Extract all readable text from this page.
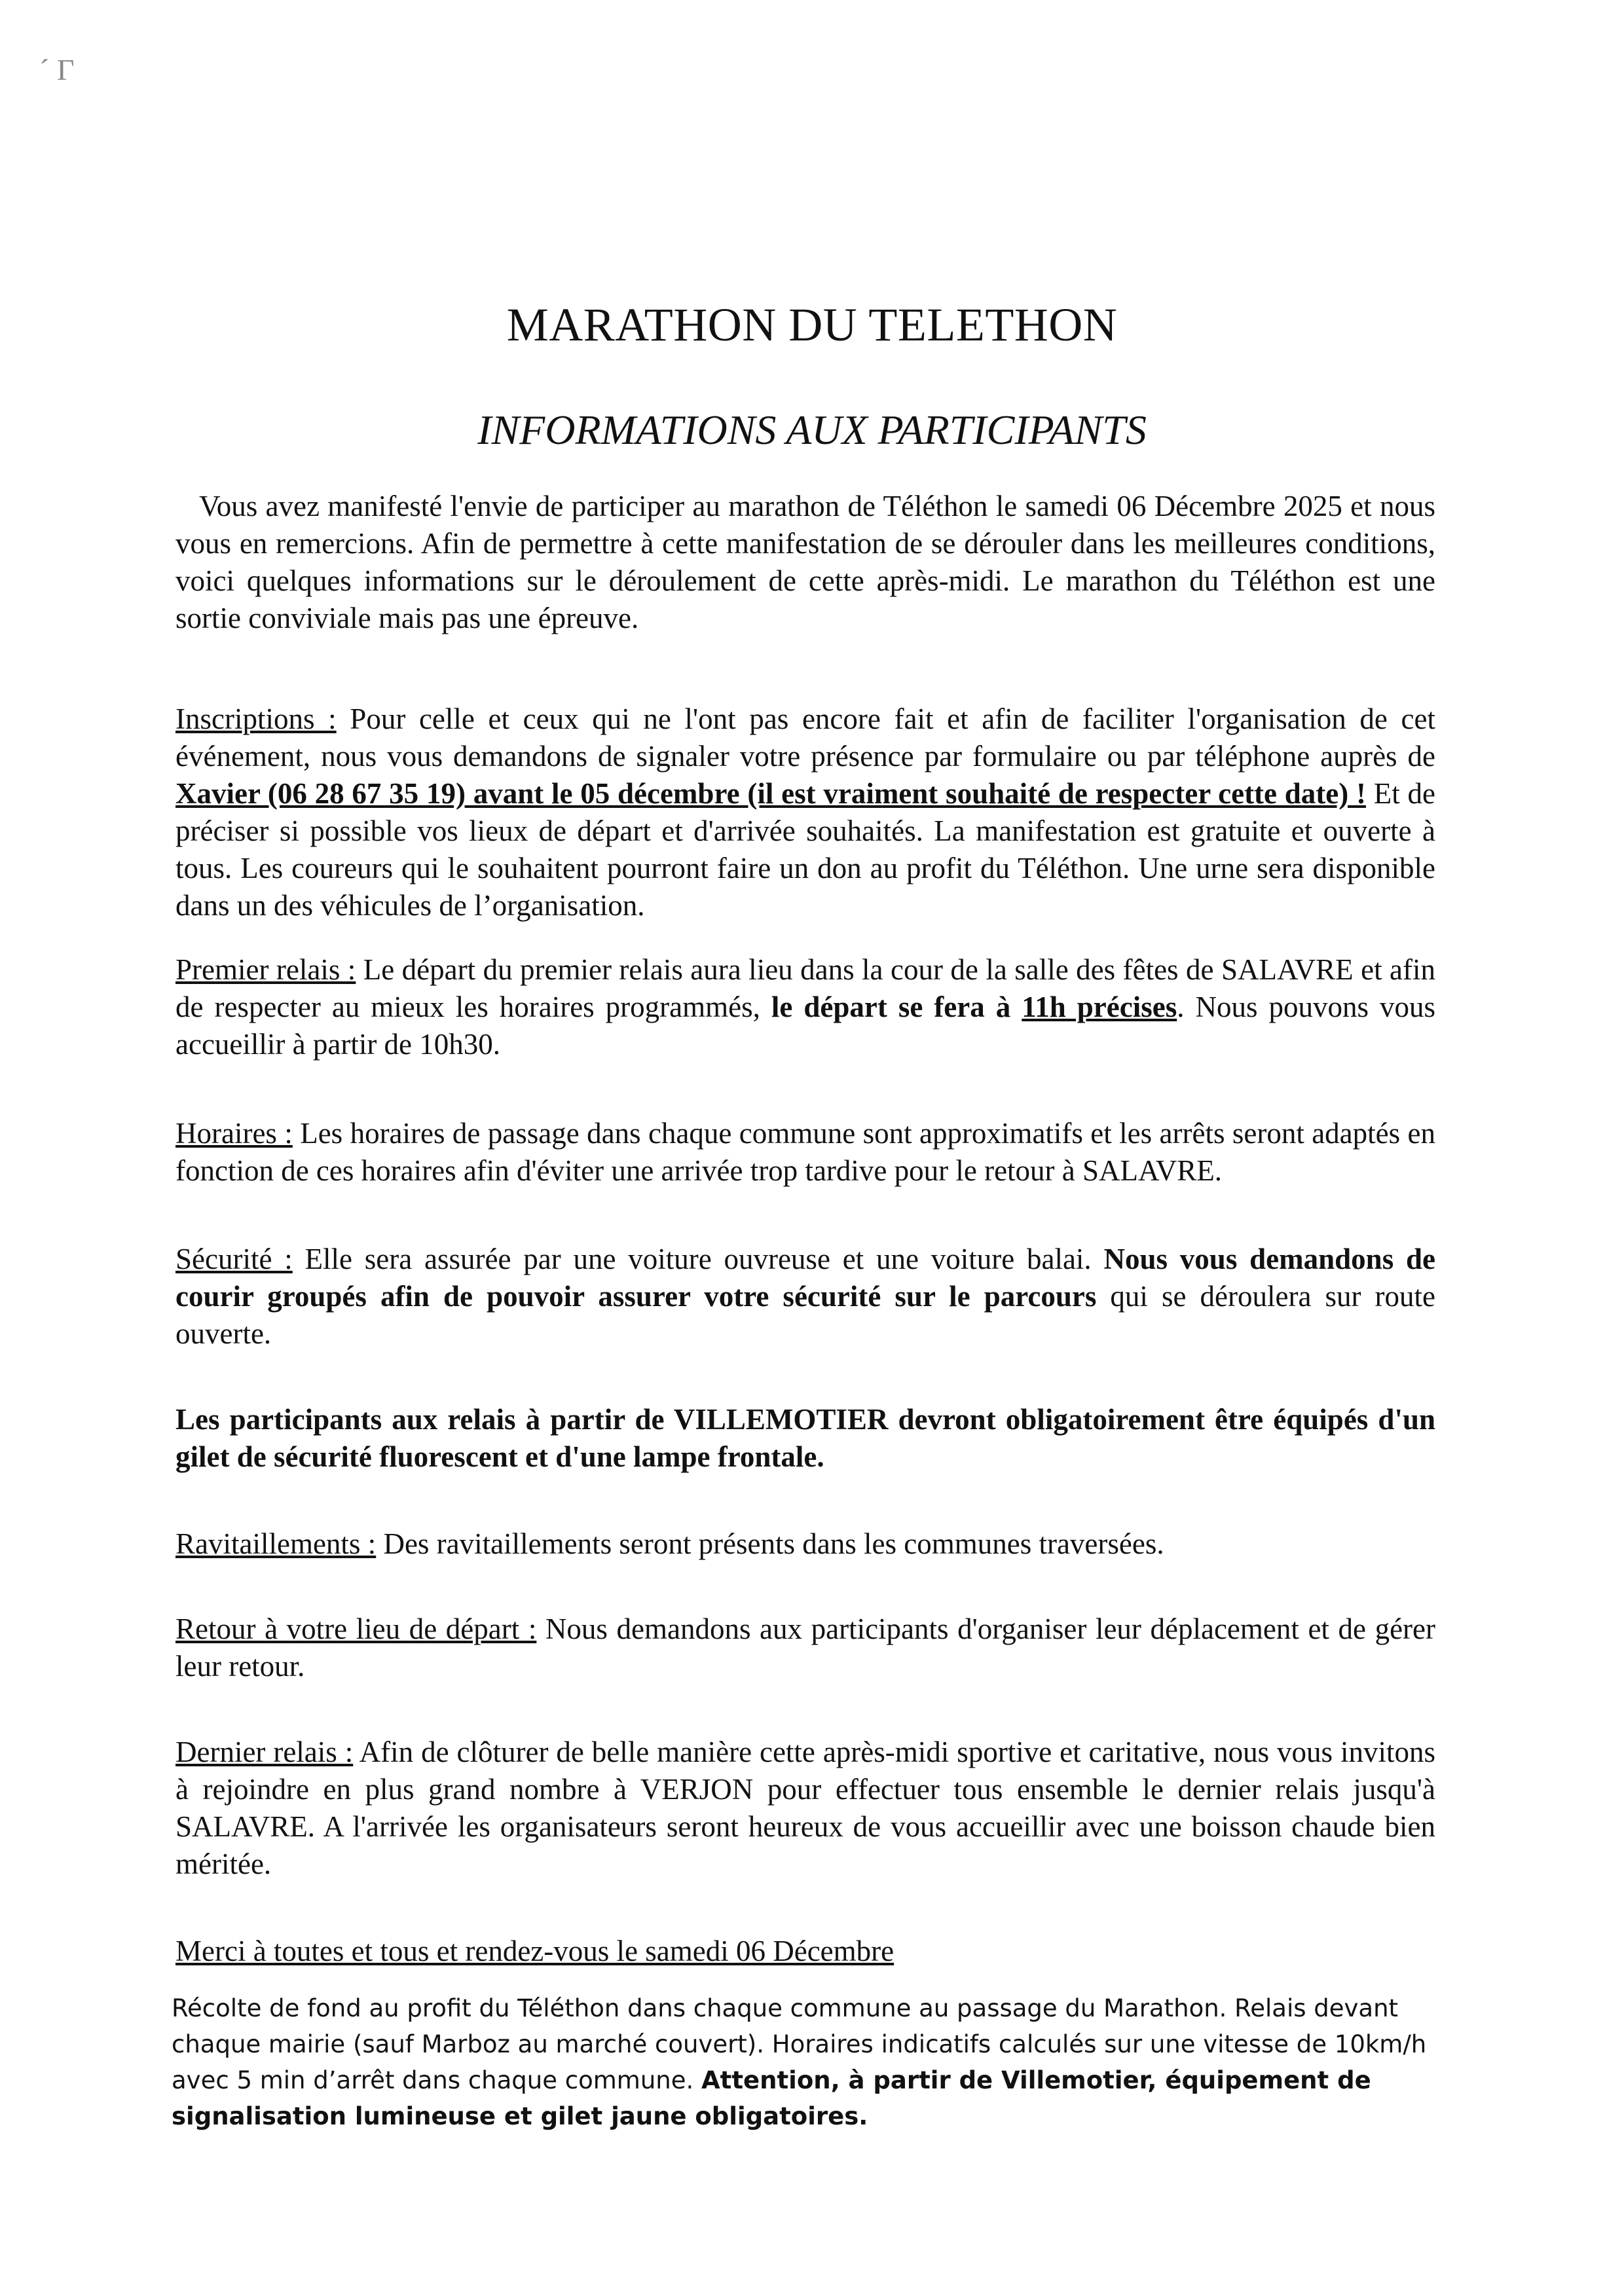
´ Γ
MARATHON DU TELETHON
INFORMATIONS AUX PARTICIPANTS

Vous avez manifesté l'envie de participer au marathon de Téléthon le samedi 06 Décembre 2025 et nous vous en remercions. Afin de permettre à cette manifestation de se dérouler dans les meilleures conditions, voici quelques informations sur le déroulement de cette après-midi. Le marathon du Téléthon est une sortie conviviale mais pas une épreuve.

Inscriptions : Pour celle et ceux qui ne l'ont pas encore fait et afin de faciliter l'organisation de cet événement, nous vous demandons de signaler votre présence par formulaire ou par téléphone auprès de Xavier (06 28 67 35 19) avant le 05 décembre (il est vraiment souhaité de respecter cette date) ! Et de préciser si possible vos lieux de départ et d'arrivée souhaités. La manifestation est gratuite et ouverte à tous. Les coureurs qui le souhaitent pourront faire un don au profit du Téléthon. Une urne sera disponible dans un des véhicules de l’organisation.

Premier relais : Le départ du premier relais aura lieu dans la cour de la salle des fêtes de SALAVRE et afin de respecter au mieux les horaires programmés, le départ se fera à 11h précises. Nous pouvons vous accueillir à partir de 10h30.

Horaires : Les horaires de passage dans chaque commune sont approximatifs et les arrêts seront adaptés en fonction de ces horaires afin d'éviter une arrivée trop tardive pour le retour à SALAVRE.

Sécurité : Elle sera assurée par une voiture ouvreuse et une voiture balai. Nous vous demandons de courir groupés afin de pouvoir assurer votre sécurité sur le parcours qui se déroulera sur route ouverte.

Les participants aux relais à partir de VILLEMOTIER devront obligatoirement être équipés d'un gilet de sécurité fluorescent et d'une lampe frontale.

Ravitaillements : Des ravitaillements seront présents dans les communes traversées.

Retour à votre lieu de départ : Nous demandons aux participants d'organiser leur déplacement et de gérer leur retour.

Dernier relais : Afin de clôturer de belle manière cette après-midi sportive et caritative, nous vous invitons à rejoindre en plus grand nombre à VERJON pour effectuer tous ensemble le dernier relais jusqu'à SALAVRE. A l'arrivée les organisateurs seront heureux de vous accueillir avec une boisson chaude bien méritée.

Merci à toutes et tous et rendez-vous le samedi 06 Décembre

Récolte de fond au profit du Téléthon dans chaque commune au passage du Marathon. Relais devant chaque mairie (sauf Marboz au marché couvert). Horaires indicatifs calculés sur une vitesse de 10km/h avec 5 min d’arrêt dans chaque commune. Attention, à partir de Villemotier, équipement de signalisation lumineuse et gilet jaune obligatoires.
